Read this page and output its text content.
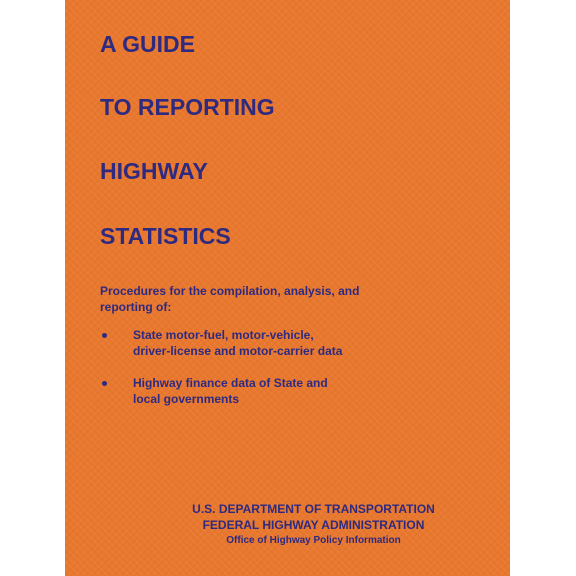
A GUIDE
TO REPORTING
HIGHWAY
STATISTICS

Procedures for the compilation, analysis, and reporting of:

State motor-fuel, motor-vehicle,
driver-license and motor-carrier data
Highway finance data of State and
local governments
U.S. DEPARTMENT OF TRANSPORTATION
FEDERAL HIGHWAY ADMINISTRATION
Office of Highway Policy Information
